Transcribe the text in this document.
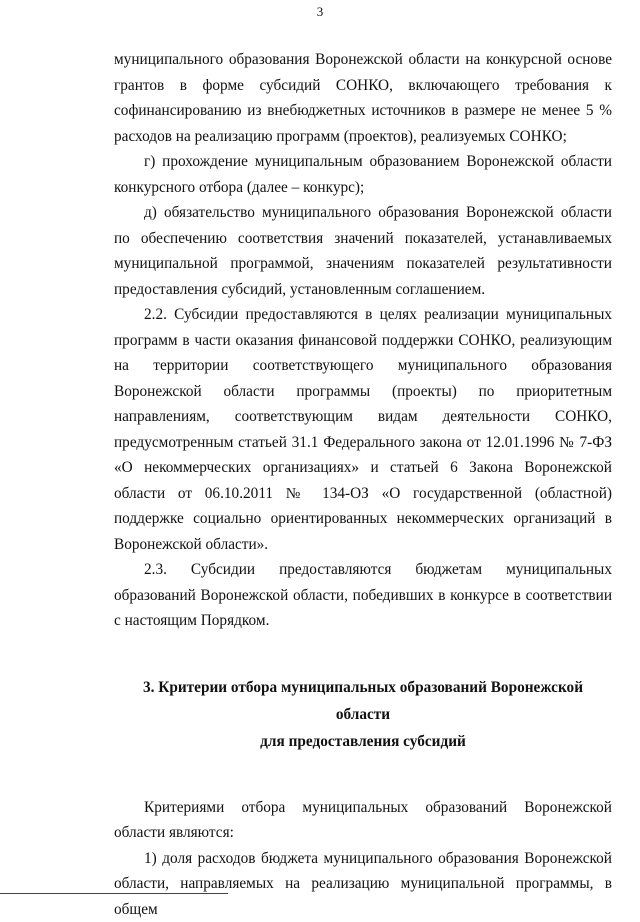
3

муниципального образования Воронежской области на конкурсной основе грантов в форме субсидий СОНКО, включающего требования к софинансированию из внебюджетных источников в размере не менее 5 % расходов на реализацию программ (проектов), реализуемых СОНКО;

г) прохождение муниципальным образованием Воронежской области конкурсного отбора (далее – конкурс);

д) обязательство муниципального образования Воронежской области по обеспечению соответствия значений показателей, устанавливаемых муниципальной программой, значениям показателей результативности предоставления субсидий, установленным соглашением.

2.2. Субсидии предоставляются в целях реализации муниципальных программ в части оказания финансовой поддержки СОНКО, реализующим на территории соответствующего муниципального образования Воронежской области программы (проекты) по приоритетным направлениям, соответствующим видам деятельности СОНКО, предусмотренным статьей 31.1 Федерального закона от 12.01.1996 № 7-ФЗ «О некоммерческих организациях» и статьей 6 Закона Воронежской области от 06.10.2011 № 134-ОЗ «О государственной (областной) поддержке социально ориентированных некоммерческих организаций в Воронежской области».

2.3. Субсидии предоставляются бюджетам муниципальных образований Воронежской области, победивших в конкурсе в соответствии с настоящим Порядком.

3. Критерии отбора муниципальных образований Воронежской области
для предоставления субсидий

Критериями отбора муниципальных образований Воронежской области являются:

1) доля расходов бюджета муниципального образования Воронежской области, направляемых на реализацию муниципальной программы, в общем
